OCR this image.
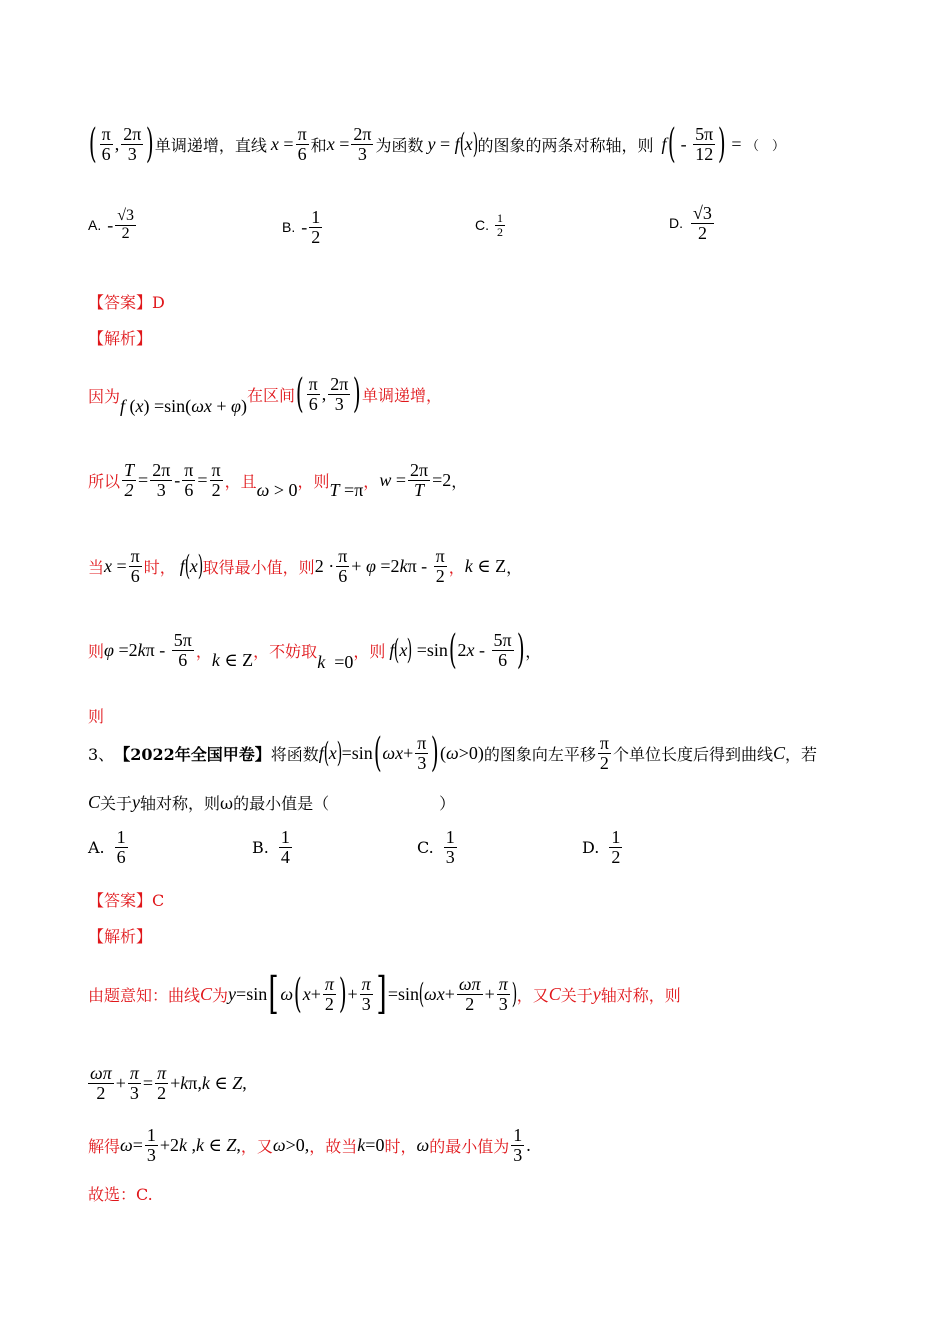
( $\frac{\pi}{6}$ , $\frac{2\pi}{3}$ ) 单调递增，直线 $x = \frac{\pi}{6}$ 和 $x = \frac{2\pi}{3}$ 为函数 y = f ( x ) 的图象的两条对称轴，则 f ( - $\frac{5\pi}{12}$ ) = （　）
A. - $\frac{√3}{2}$	B. - $\frac{1}{2}$	C. $\frac{1}{2}$	D. $\frac{√3}{2}$
【答案】D
【解析】
因为 f (x) =sin(ωx + φ)
在区间 ( $\frac{\pi}{6}$ , $\frac{2\pi}{3}$ ) 单调递增，
所以 $\frac{T}{2} = \frac{2\pi}{3} - \frac{\pi}{6} = \frac{\pi}{2}$ ，且 ω > 0 ，则 T =π ， $w = \frac{2\pi}{T} =2$ ，
当 $x = \frac{\pi}{6}$ 时， f ( x ) 取得最小值，则 $2 \cdot \frac{\pi}{6} + \varphi =2k\pi - \frac{\pi}{2}$ ， k ∈ Z ，
则 $\varphi =2k\pi - \frac{5\pi}{6}$ ， k ∈ Z ，不妨取
k  =0
，则 f ( x ) =sin ( $2x - \frac{5\pi}{6}$ ) ，
则
3、 【2022年全国甲卷】 将函数 f ( x ) =sin ( $\omega x + \frac{\pi}{3}$ ) (ω>0) 的图象向左平移 $\frac{\pi}{2}$ 个单位长度后得到曲线 C ，若
C 关于 y 轴对称，则ω的最小值是（	）
A. $\frac{1}{6}$	B. $\frac{1}{4}$	C. $\frac{1}{3}$	D. $\frac{1}{2}$
【答案】C
【解析】
由题意知：曲线 C 为 y=sin [ ω ( $x + \frac{\pi}{2}$ ) + $\frac{\pi}{3}$ ] =sin ( $\omega x + \frac{\omega\pi}{2} + \frac{\pi}{3}$ ) ，又 C 关于 y 轴对称，则
$\frac{\omega\pi}{2} + \frac{\pi}{3} = \frac{\pi}{2} +k\pi,k$ ∈ Z,
解得 $\omega = \frac{1}{3} +2k$ ,k ∈ Z, ，又 ω>0, ，故当 k=0 时， ω 的最小值为 $\frac{1}{3}$ .
故选：C.
